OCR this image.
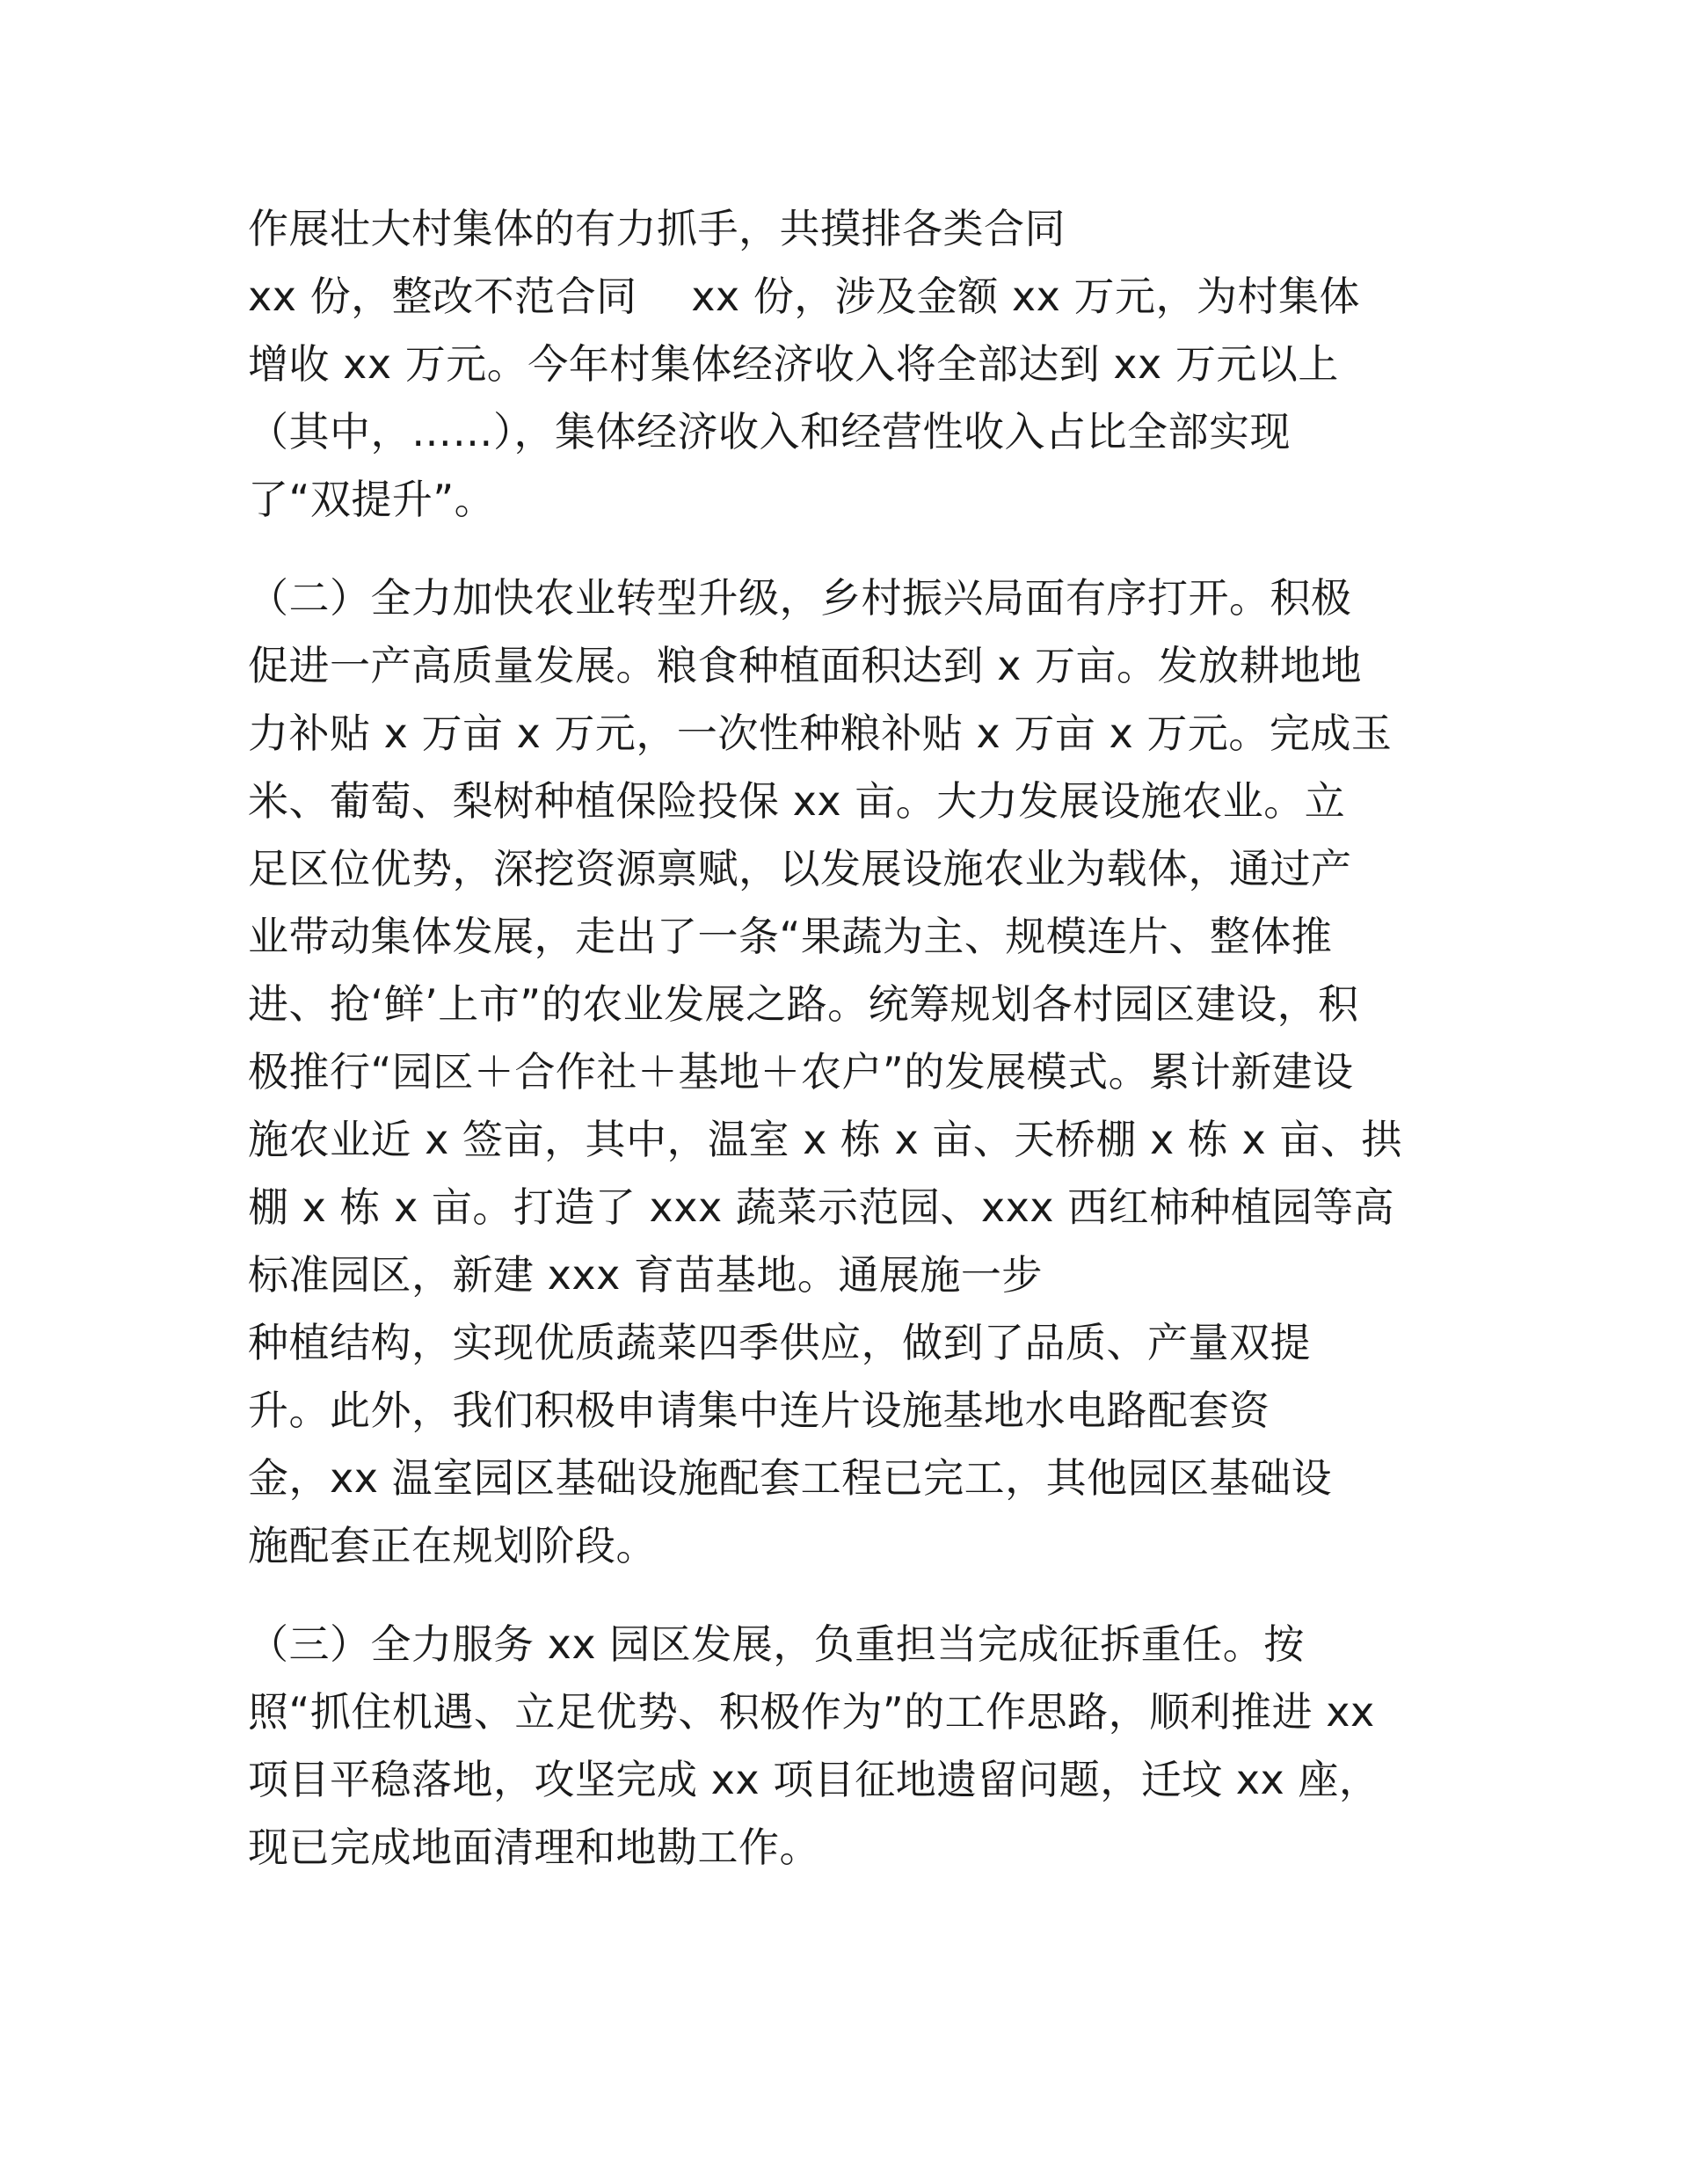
作展壮大村集体的有力抓手，共摸排各类合同
xx 份，整改不范合同　 xx 份，涉及金额 xx 万元，为村集体
增收 xx 万元。今年村集体经济收入将全部达到 xx 万元以上
（其中，……），集体经济收入和经营性收入占比全部实现
了“双提升”。
（二）全力加快农业转型升级，乡村振兴局面有序打开。积极
促进一产高质量发展。粮食种植面积达到 x 万亩。发放耕地地
力补贴 x 万亩 x 万元，一次性种粮补贴 x 万亩 x 万元。完成玉
米、葡萄、梨树种植保险投保 xx 亩。大力发展设施农业。立
足区位优势，深挖资源禀赋，以发展设施农业为载体，通过产
业带动集体发展，走出了一条“果蔬为主、规模连片、整体推
进、抢‘鲜’上市”的农业发展之路。统筹规划各村园区建设，积
极推行“园区＋合作社＋基地＋农户”的发展模式。累计新建设
施农业近 x 签亩，其中，温室 x 栋 x 亩、天桥棚 x 栋 x 亩、拱
棚 x 栋 x 亩。打造了 xxx 蔬菜示范园、xxx 西红柿种植园等高
标准园区，新建 xxx 育苗基地。通展施一步
种植结构，实现优质蔬菜四季供应，做到了品质、产量双提
升。此外，我们积极申请集中连片设施基地水电路配套资
金，xx 温室园区基础设施配套工程已完工，其他园区基础设
施配套正在规划阶段。
（三）全力服务 xx 园区发展，负重担当完成征拆重任。按
照“抓住机遇、立足优势、积极作为”的工作思路，顺利推进 xx
项目平稳落地，攻坚完成 xx 项目征地遗留问题，迁坟 xx 座，
现已完成地面清理和地勘工作。
